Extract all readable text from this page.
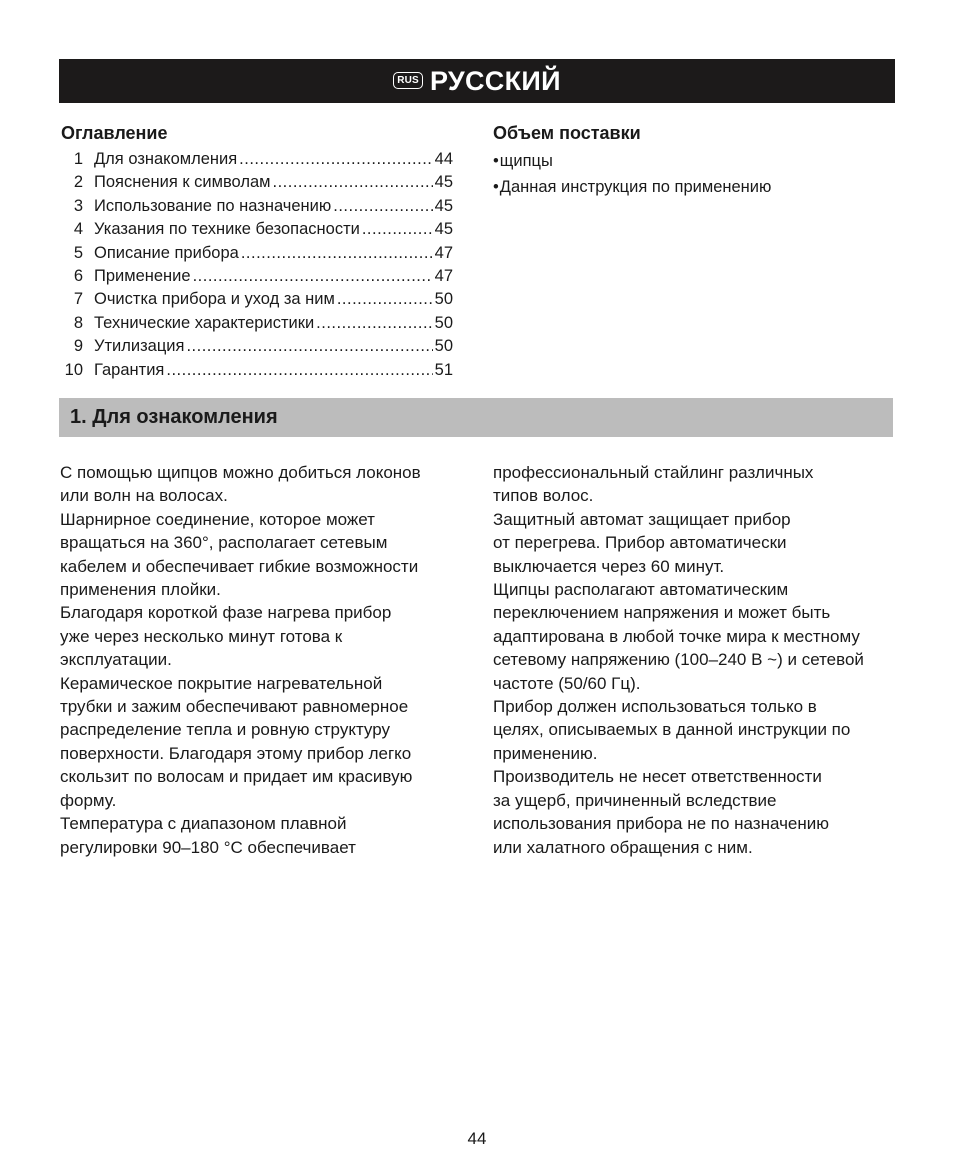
RUS РУССКИЙ
Оглавление
1 Для ознакомления .....	44
2 Пояснения к символам .....	45
3 Использование по назначению .....	45
4 Указания по технике безопасности .....	45
5 Описание прибора .....	47
6 Применение .....	47
7 Очистка прибора и уход за ним .....	50
8 Технические характеристики .....	50
9 Утилизация .....	50
10 Гарантия .....	51
Объем поставки
•щипцы
•Данная инструкция по применению
1. Для ознакомления
С помощью щипцов можно добиться локонов
или волн на волосах.
Шарнирное соединение, которое может
вращаться на 360°, располагает сетевым
кабелем и обеспечивает гибкие возможности
применения плойки.
Благодаря короткой фазе нагрева прибор
уже через несколько минут готова к
эксплуатации.
Керамическое покрытие нагревательной
трубки и зажим обеспечивают равномерное
распределение тепла и ровную структуру
поверхности. Благодаря этому прибор легко
скользит по волосам и придает им красивую
форму.
Температура с диапазоном плавной
регулировки 90–180 °С обеспечивает
профессиональный стайлинг различных
типов волос.
Защитный автомат защищает прибор
от перегрева. Прибор автоматически
выключается через 60 минут.
Щипцы располагают автоматическим
переключением напряжения и может быть
адаптирована в любой точке мира к местному
сетевому напряжению (100–240 В ~) и сетевой
частоте (50/60 Гц).
Прибор должен использоваться только в
целях, описываемых в данной инструкции по
применению.
Производитель не несет ответственности
за ущерб, причиненный вследствие
использования прибора не по назначению
или халатного обращения с ним.
44
